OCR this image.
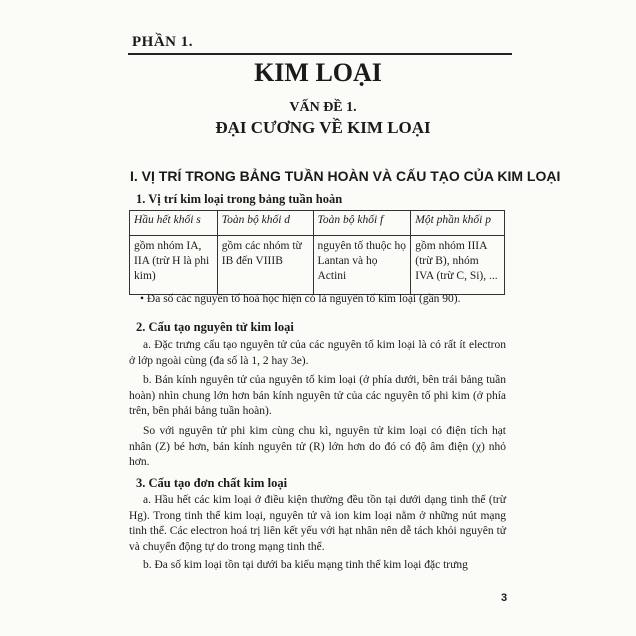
PHẦN 1.
KIM LOẠI
VẤN ĐỀ 1.
ĐẠI CƯƠNG VỀ KIM LOẠI
I. VỊ TRÍ TRONG BẢNG TUẦN HOÀN VÀ CẤU TẠO CỦA KIM LOẠI
1. Vị trí kim loại trong bảng tuần hoàn
Hầu hết khối s	Toàn bộ khối d	Toàn bộ khối f	Một phần khối p
gồm nhóm IA, IIA (trừ H là phi kim)	gồm các nhóm từ IB đến VIIIB	nguyên tố thuộc họ Lantan và họ Actini	gồm nhóm IIIA (trừ B), nhóm IVA (trừ C, Si), ...
• Đa số các nguyên tố hoá học hiện có là nguyên tố kim loại (gần 90).
2. Cấu tạo nguyên tử kim loại
a. Đặc trưng cấu tạo nguyên tử của các nguyên tố kim loại là có rất ít electron ở lớp ngoài cùng (đa số là 1, 2 hay 3e).
b. Bán kính nguyên tử của nguyên tố kim loại (ở phía dưới, bên trái bảng tuần hoàn) nhìn chung lớn hơn bán kính nguyên tử của các nguyên tố phi kim (ở phía trên, bên phải bảng tuần hoàn).
So với nguyên tử phi kim cùng chu kì, nguyên tử kim loại có điện tích hạt nhân (Z) bé hơn, bán kính nguyên tử (R) lớn hơn do đó có độ âm điện (χ) nhỏ hơn.
3. Cấu tạo đơn chất kim loại
a. Hầu hết các kim loại ở điều kiện thường đều tồn tại dưới dạng tinh thể (trừ Hg). Trong tinh thể kim loại, nguyên tử và ion kim loại nằm ở những nút mạng tinh thể. Các electron hoá trị liên kết yếu với hạt nhân nên dễ tách khỏi nguyên tử và chuyển động tự do trong mạng tinh thể.
b. Đa số kim loại tồn tại dưới ba kiểu mạng tinh thể kim loại đặc trưng
3
